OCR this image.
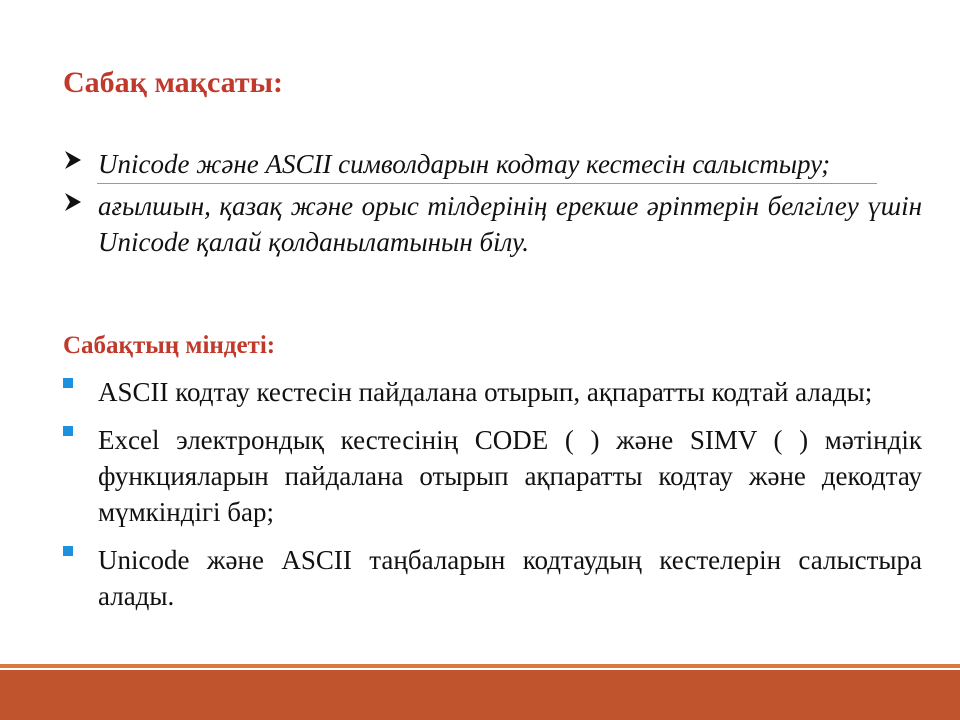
Сабақ мақсаты:
Unicode және ASCII символдарын кодтау кестесін салыстыру;
ағылшын, қазақ және орыс тілдерінің ерекше әріптерін белгілеу үшін Unicode қалай қолданылатынын білу.
Сабақтың міндеті:
ASCII кодтау кестесін пайдалана отырып, ақпаратты кодтай алады;
Excel электрондық кестесінің CODE ( ) және SIMV ( ) мәтіндік функцияларын пайдалана отырып ақпаратты кодтау және декодтау мүмкіндігі бар;
Unicode және ASCII таңбаларын кодтаудың кестелерін салыстыра алады.
